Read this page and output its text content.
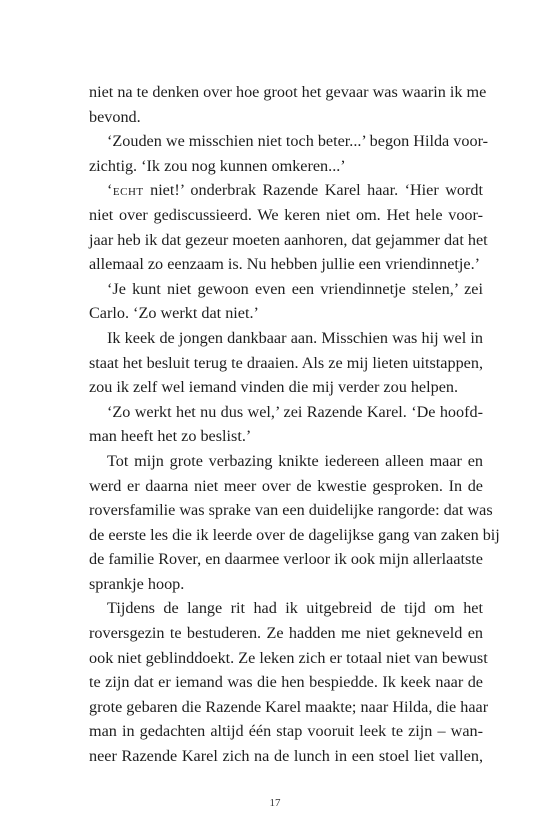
niet na te denken over hoe groot het gevaar was waarin ik me
bevond.
‘Zouden we misschien niet toch beter...’ begon Hilda voor-
zichtig. ‘Ik zou nog kunnen omkeren...’
‘echt niet!’ onderbrak Razende Karel haar. ‘Hier wordt
niet over gediscussieerd. We keren niet om. Het hele voor-
jaar heb ik dat gezeur moeten aanhoren, dat gejammer dat het
allemaal zo eenzaam is. Nu hebben jullie een vriendinnetje.’
‘Je kunt niet gewoon even een vriendinnetje stelen,’ zei
Carlo. ‘Zo werkt dat niet.’
Ik keek de jongen dankbaar aan. Misschien was hij wel in
staat het besluit terug te draaien. Als ze mij lieten uitstappen,
zou ik zelf wel iemand vinden die mij verder zou helpen.
‘Zo werkt het nu dus wel,’ zei Razende Karel. ‘De hoofd-
man heeft het zo beslist.’
Tot mijn grote verbazing knikte iedereen alleen maar en
werd er daarna niet meer over de kwestie gesproken. In de
roversfamilie was sprake van een duidelijke rangorde: dat was
de eerste les die ik leerde over de dagelijkse gang van zaken bij
de familie Rover, en daarmee verloor ik ook mijn allerlaatste
sprankje hoop.
Tijdens de lange rit had ik uitgebreid de tijd om het
roversgezin te bestuderen. Ze hadden me niet gekneveld en
ook niet geblinddoekt. Ze leken zich er totaal niet van bewust
te zijn dat er iemand was die hen bespiedde. Ik keek naar de
grote gebaren die Razende Karel maakte; naar Hilda, die haar
man in gedachten altijd één stap vooruit leek te zijn – wan-
neer Razende Karel zich na de lunch in een stoel liet vallen,
17
